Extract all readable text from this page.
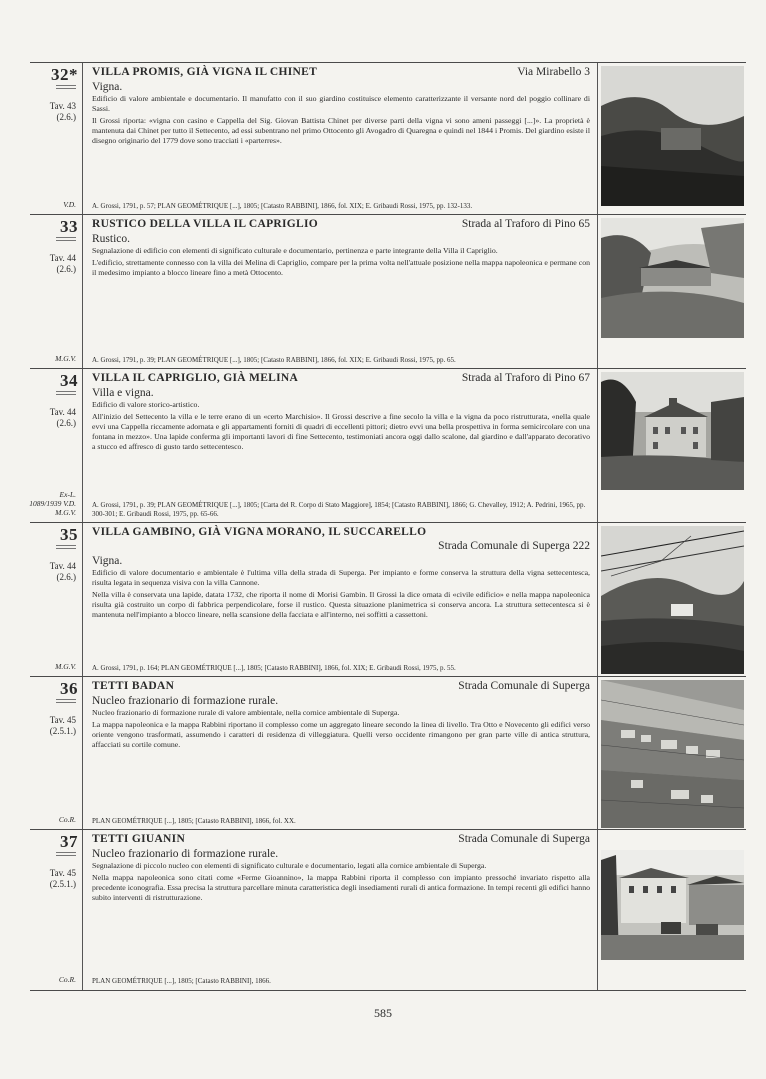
32*
Tav. 43
(2.6.)
V.D.
VILLA PROMIS, GIÀ VIGNA IL CHINET	Via Mirabello 3
Vigna.

Edificio di valore ambientale e documentario. Il manufatto con il suo giardino costituisce elemento caratterizzante il versante nord del poggio collinare di Sassi.

Il Grossi riporta: «vigna con casino e Cappella del Sig. Giovan Battista Chinet per diverse parti della vigna vi sono ameni passeggi [...]». La proprietà è mantenuta dai Chinet per tutto il Settecento, ad essi subentrano nel primo Ottocento gli Avogadro di Quaregna e quindi nel 1844 i Promis. Del giardino esiste il disegno originario del 1779 dove sono tracciati i «parterres».

A. Grossi, 1791, p. 57; PLAN GEOMÉTRIQUE [...], 1805; [Catasto RABBINI], 1866, fol. XIX; E. Gribaudi Rossi, 1975, pp. 132-133.
33
Tav. 44
(2.6.)
M.G.V.
RUSTICO DELLA VILLA IL CAPRIGLIO	Strada al Traforo di Pino 65
Rustico.

Segnalazione di edificio con elementi di significato culturale e documentario, pertinenza e parte integrante della Villa il Capriglio.

L'edificio, strettamente connesso con la villa dei Melina di Capriglio, compare per la prima volta nell'attuale posizione nella mappa napoleonica e permane con il medesimo impianto a blocco lineare fino a metà Ottocento.

A. Grossi, 1791, p. 39; PLAN GEOMÉTRIQUE [...], 1805; [Catasto RABBINI], 1866, fol. XIX; E. Gribaudi Rossi, 1975, pp. 65.
34
Tav. 44
(2.6.)
Ex-L. 1089/1939 V.D. M.G.V.
VILLA IL CAPRIGLIO, GIÀ MELINA	Strada al Traforo di Pino 67
Villa e vigna.

Edificio di valore storico-artistico.

All'inizio del Settecento la villa e le terre erano di un «certo Marchisio». Il Grossi descrive a fine secolo la villa e la vigna da poco ristrutturata, «nella quale evvi una Cappella riccamente adornata e gli appartamenti forniti di quadri di eccellenti pittori; dietro evvi una bella prospettiva in forma semicircolare con una fontana in mezzo». Una lapide conferma gli importanti lavori di fine Settecento, testimoniati ancora oggi dallo scalone, dal giardino e dall'apparato decorativo a stucco ed affresco di gusto tardo settecentesco.

A. Grossi, 1791, p. 39; PLAN GEOMÉTRIQUE [...], 1805; [Carta del R. Corpo di Stato Maggiore], 1854; [Catasto RABBINI], 1866; G. Chevalley, 1912; A. Pedrini, 1965, pp. 300-301; E. Gribaudi Rossi, 1975, pp. 65-66.
35
Tav. 44
(2.6.)
M.G.V.
VILLA GAMBINO, GIÀ VIGNA MORANO, IL SUCCARELLO
Strada Comunale di Superga 222
Vigna.

Edificio di valore documentario e ambientale è l'ultima villa della strada di Superga. Per impianto e forme conserva la struttura della vigna settecentesca, risulta legata in sequenza visiva con la villa Cannone.

Nella villa è conservata una lapide, datata 1732, che riporta il nome di Morisi Gambin. Il Grossi la dice ornata di «civile edificio» e nella mappa napoleonica risulta già costruito un corpo di fabbrica perpendicolare, forse il rustico. Questa situazione planimetrica si conserva ancora. La struttura settecentesca si è mantenuta nell'impianto a blocco lineare, nella scansione della facciata e all'interno, nei soffitti a cassettoni.

A. Grossi, 1791, p. 164; PLAN GEOMÉTRIQUE [...], 1805; [Catasto RABBINI], 1866, fol. XIX; E. Gribaudi Rossi, 1975, p. 55.
36
Tav. 45
(2.5.1.)
Co.R.
TETTI BADAN	Strada Comunale di Superga
Nucleo frazionario di formazione rurale.

Nucleo frazionario di formazione rurale di valore ambientale, nella cornice ambientale di Superga.

La mappa napoleonica e la mappa Rabbini riportano il complesso come un aggregato lineare secondo la linea di livello. Tra Otto e Novecento gli edifici verso oriente vengono trasformati, assumendo i caratteri di residenza di villeggiatura. Quelli verso occidente rimangono per gran parte ville di antica struttura, affacciati su cortile comune.

PLAN GEOMÉTRIQUE [...], 1805; [Catasto RABBINI], 1866, fol. XX.
37
Tav. 45
(2.5.1.)
Co.R.
TETTI GIUANIN	Strada Comunale di Superga
Nucleo frazionario di formazione rurale.

Segnalazione di piccolo nucleo con elementi di significato culturale e documentario, legati alla cornice ambientale di Superga.

Nella mappa napoleonica sono citati come «Ferme Gioannino», la mappa Rabbini riporta il complesso con impianto pressoché invariato rispetto alla precedente iconografia. Essa precisa la struttura parcellare minuta caratteristica degli insediamenti rurali di antica formazione. In tempi recenti gli edifici hanno subito interventi di ristrutturazione.

PLAN GEOMÉTRIQUE [...], 1805; [Catasto RABBINI], 1866.
585
